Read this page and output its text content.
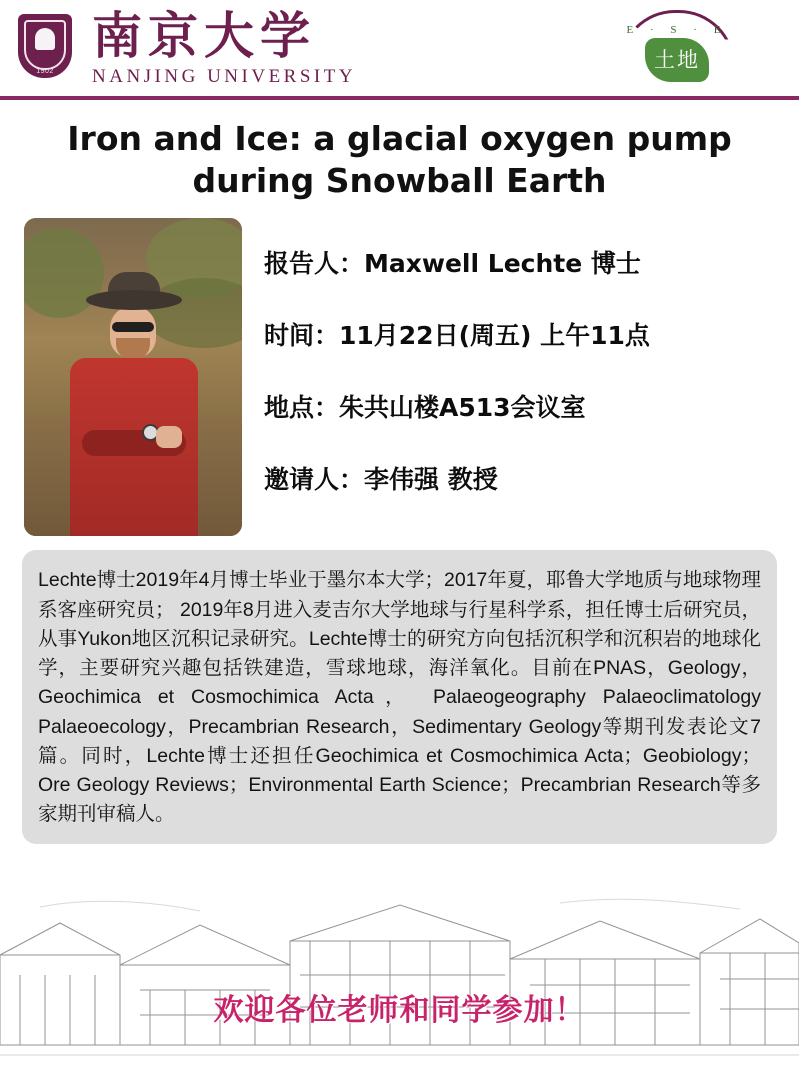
1902
南京大学
NANJING UNIVERSITY
E · S · E
土地
Iron and Ice: a glacial oxygen pump during Snowball Earth
报告人：Maxwell Lechte 博士
时间：11月22日(周五) 上午11点
地点：朱共山楼A513会议室
邀请人：李伟强 教授
Lechte博士2019年4月博士毕业于墨尔本大学；2017年夏，耶鲁大学地质与地球物理系客座研究员； 2019年8月进入麦吉尔大学地球与行星科学系，担任博士后研究员，从事Yukon地区沉积记录研究。Lechte博士的研究方向包括沉积学和沉积岩的地球化学，主要研究兴趣包括铁建造，雪球地球，海洋氧化。目前在PNAS，Geology，Geochimica et Cosmochimica Acta， Palaeogeography Palaeoclimatology Palaeoecology，Precambrian Research，Sedimentary Geology等期刊发表论文7篇。同时，Lechte博士还担任Geochimica et Cosmochimica Acta；Geobiology；Ore Geology Reviews；Environmental Earth Science；Precambrian Research等多家期刊审稿人。
欢迎各位老师和同学参加！
